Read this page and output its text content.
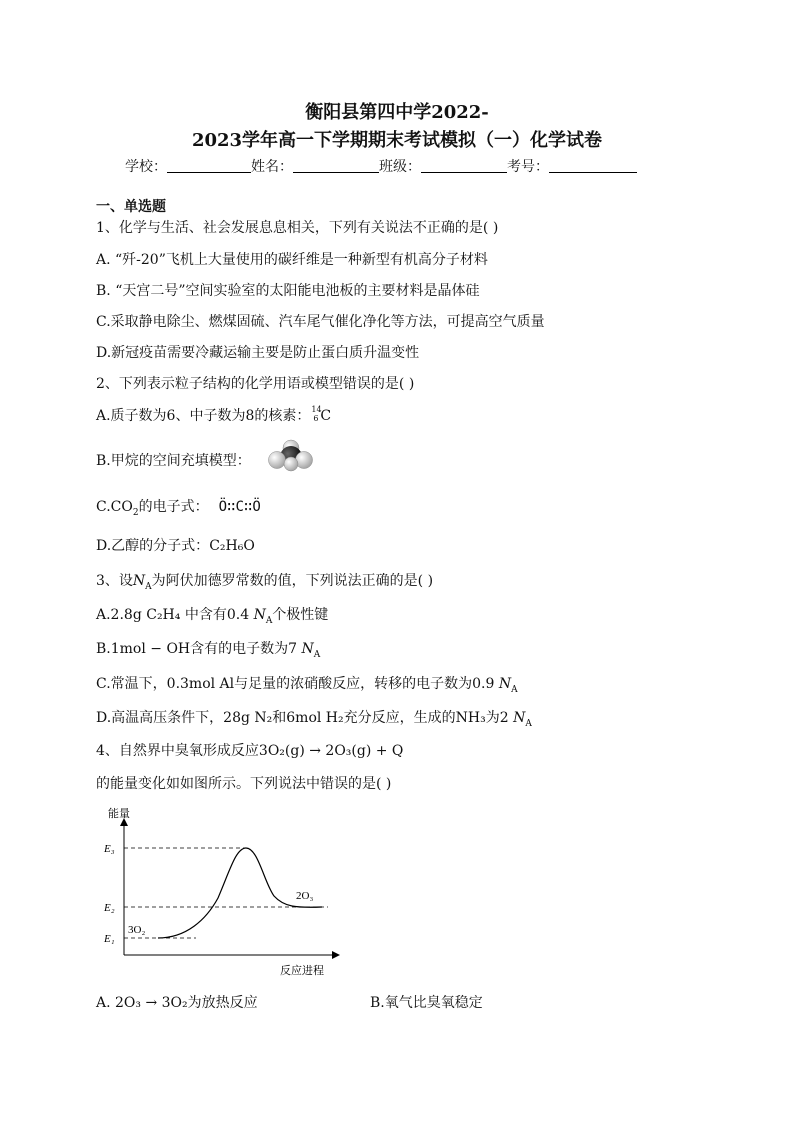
衡阳县第四中学2022-
2023学年高一下学期期末考试模拟（一）化学试卷
学校：	姓名：	班级：	考号：
一、单选题
1、化学与生活、社会发展息息相关，下列有关说法不正确的是( )
A. “歼-20”飞机上大量使用的碳纤维是一种新型有机高分子材料
B. “天宫二号”空间实验室的太阳能电池板的主要材料是晶体硅
C.采取静电除尘、燃煤固硫、汽车尾气催化净化等方法，可提高空气质量
D.新冠疫苗需要冷藏运输主要是防止蛋白质升温变性
2、下列表示粒子结构的化学用语或模型错误的是( )
A.质子数为6、中子数为8的核素： 14
6 C
B.甲烷的空间充填模型：
$C.CO_2$的电子式： Ö∷C∷Ö
D.乙醇的分子式：C₂H₆O
3、设$N_A$为阿伏加德罗常数的值，下列说法正确的是( )
A.2.8g C₂H₄ 中含有0.4 $N_A$个极性键
B.1mol − OH含有的电子数为7 $N_A$
C.常温下，0.3mol Al与足量的浓硝酸反应，转移的电子数为0.9 $N_A$
D.高温高压条件下，28g N₂和6mol H₂充分反应，生成的NH₃为2 $N_A$
4、自然界中臭氧形成反应3O₂(g) → 2O₃(g) + Q
的能量变化如如图所示。下列说法中错误的是( )
能量
反应进程
E₃
E₂
E₁
3O₂
2O₃
A. 2O₃ → 3O₂为放热反应	B.氧气比臭氧稳定
